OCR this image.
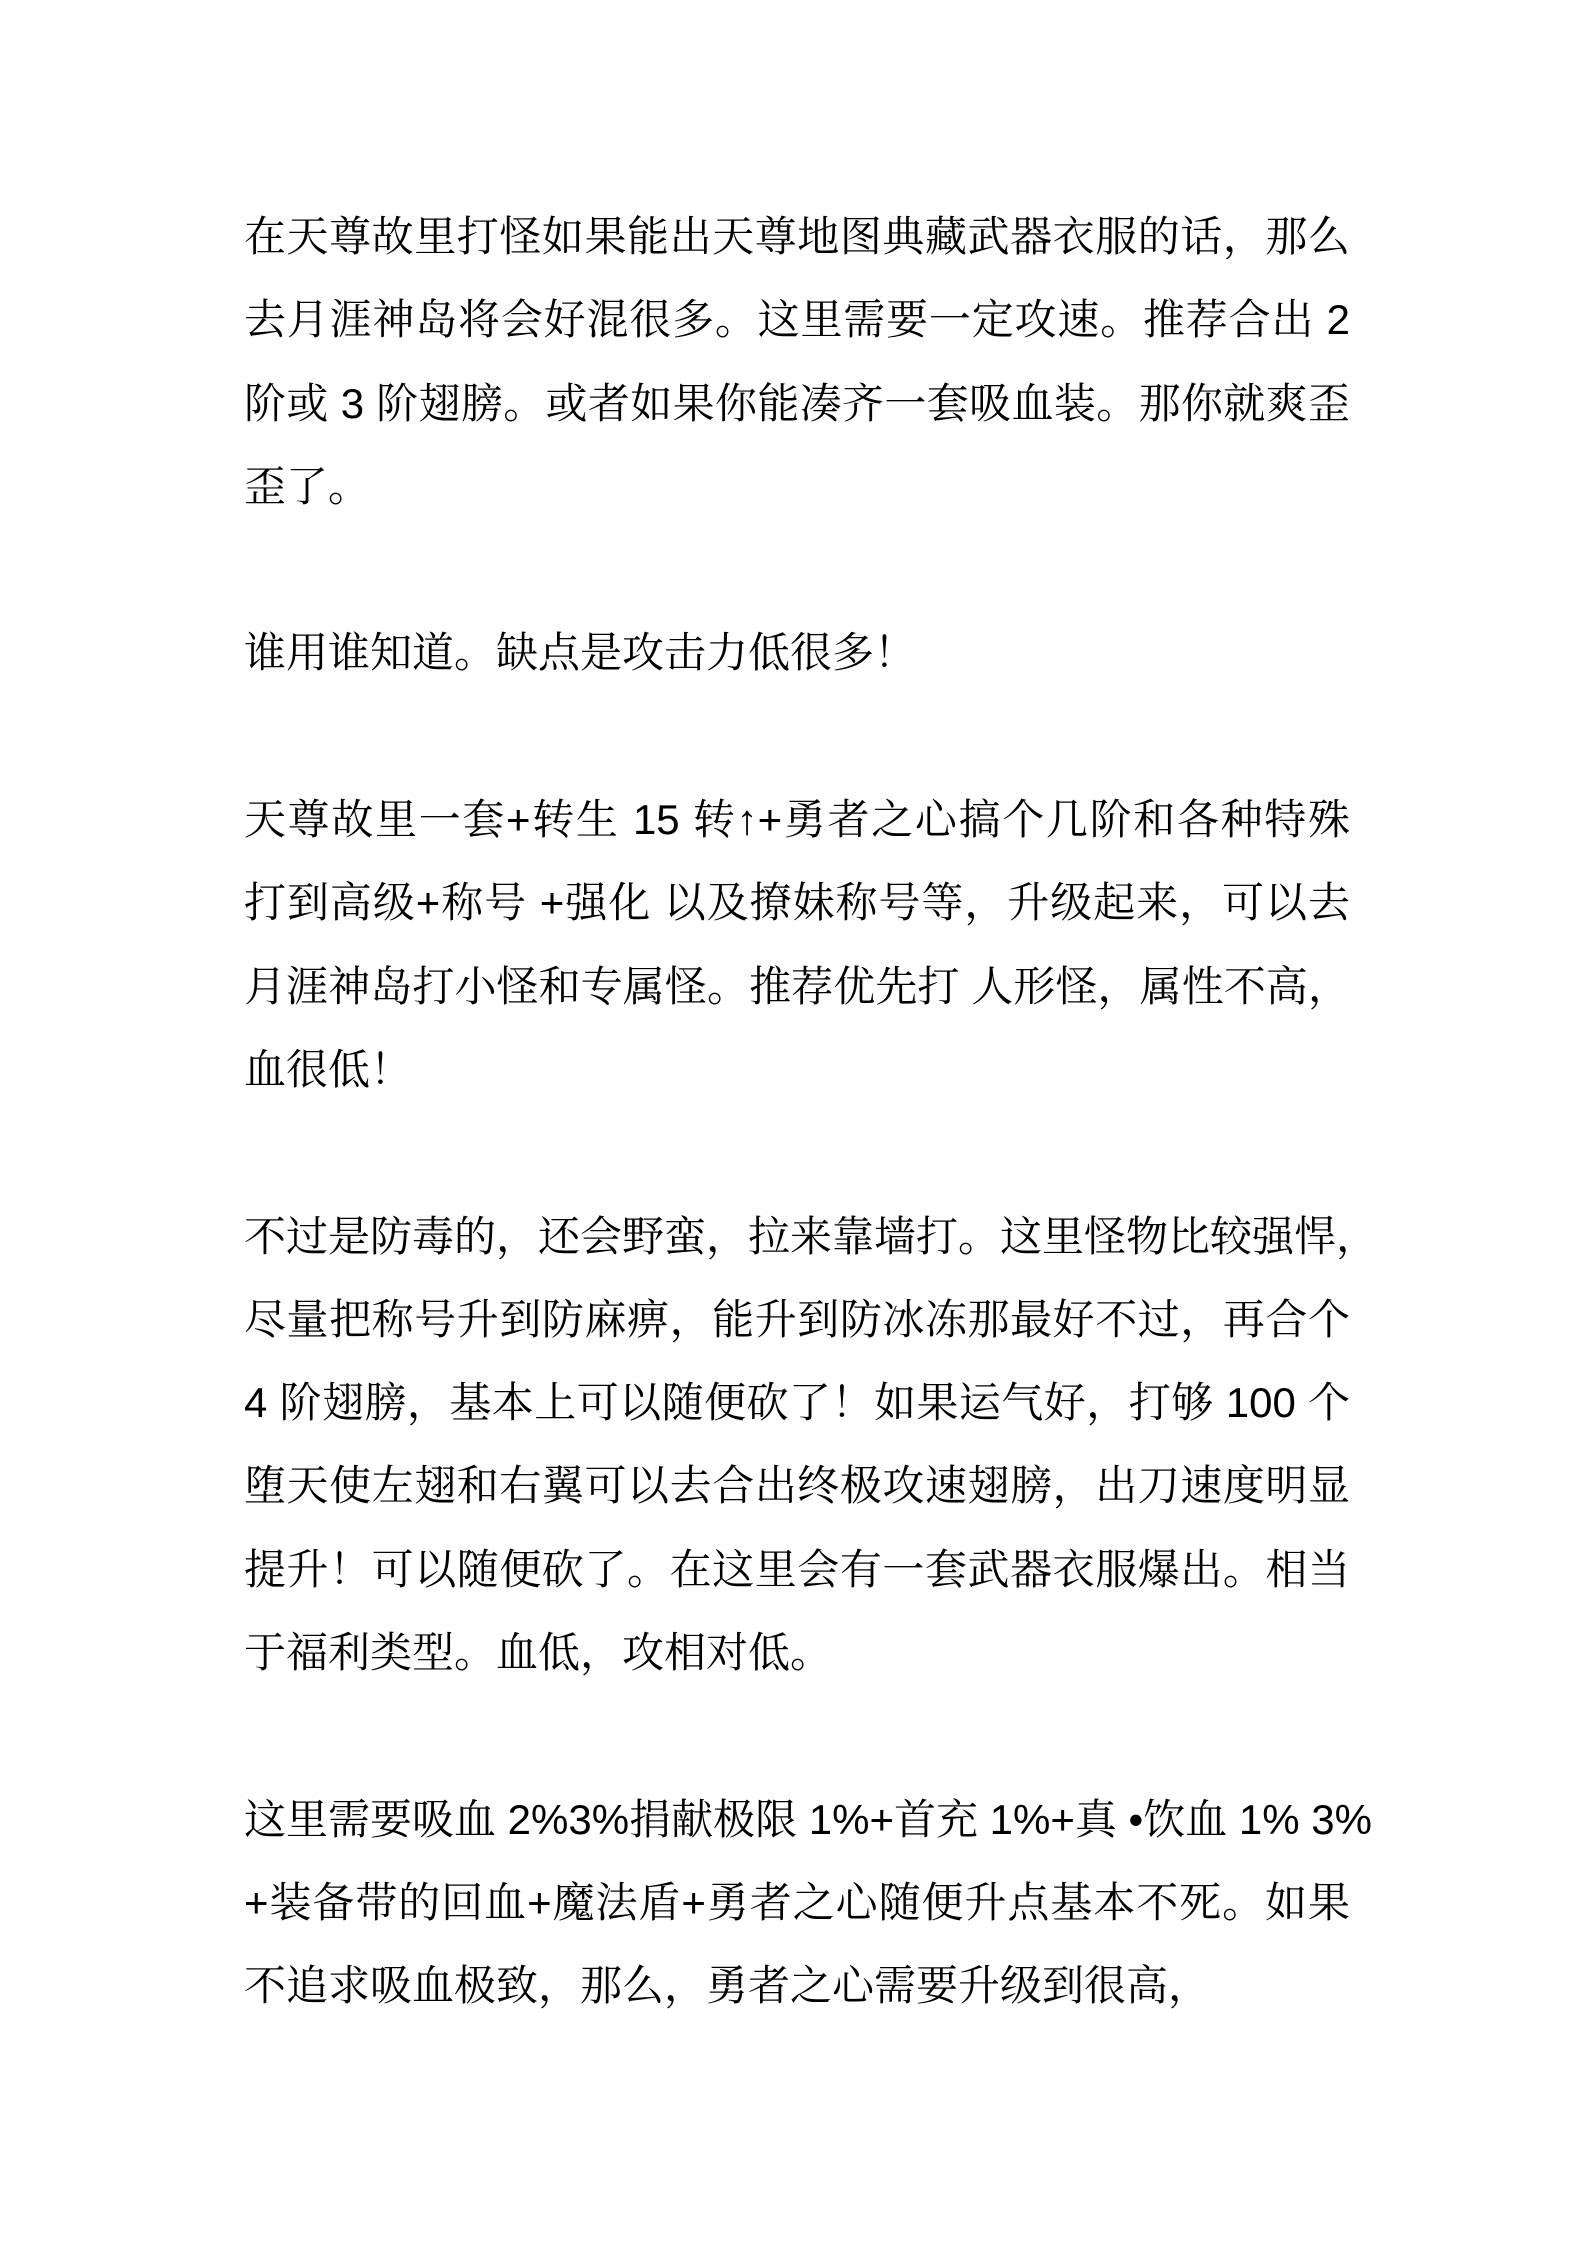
在天尊故里打怪如果能出天尊地图典藏武器衣服的话，那么
去月涯神岛将会好混很多。这里需要一定攻速。推荐合出 2
阶或 3 阶翅膀。或者如果你能凑齐一套吸血装。那你就爽歪
歪了。
谁用谁知道。缺点是攻击力低很多！
天尊故里一套+转生 15 转↑+勇者之心搞个几阶和各种特殊
打到高级+称号 +强化 以及撩妹称号等，升级起来，可以去
月涯神岛打小怪和专属怪。推荐优先打 人形怪，属性不高，
血很低！
不过是防毒的，还会野蛮，拉来靠墙打。这里怪物比较强悍，
尽量把称号升到防麻痹，能升到防冰冻那最好不过，再合个
4 阶翅膀，基本上可以随便砍了！如果运气好，打够 100 个
堕天使左翅和右翼可以去合出终极攻速翅膀，出刀速度明显
提升！可以随便砍了。在这里会有一套武器衣服爆出。相当
于福利类型。血低，攻相对低。
这里需要吸血 2%3%捐献极限 1%+首充 1%+真 •饮血 1% 3%
+装备带的回血+魔法盾+勇者之心随便升点基本不死。如果
不追求吸血极致，那么，勇者之心需要升级到很高，
